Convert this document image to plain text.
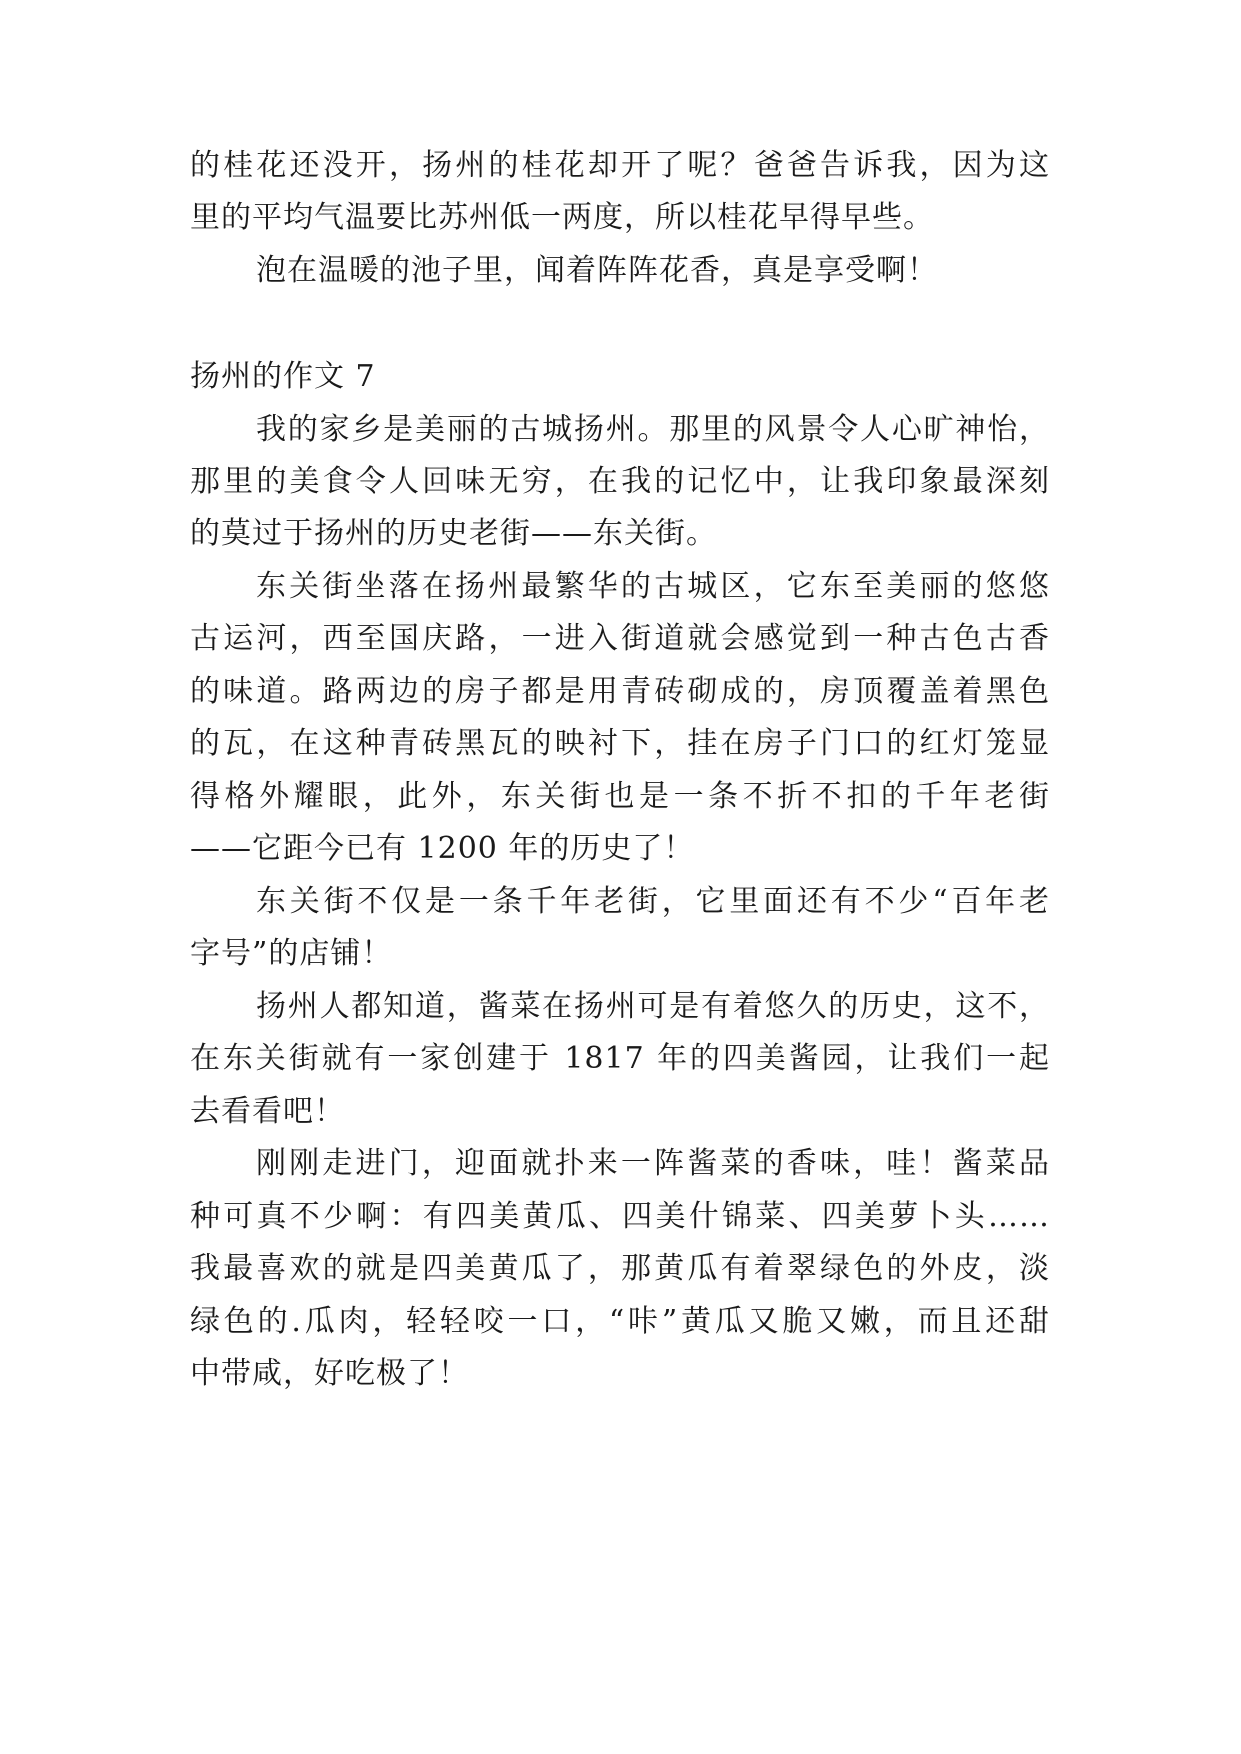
的桂花还没开，扬州的桂花却开了呢？爸爸告诉我，因为这

里的平均气温要比苏州低一两度，所以桂花早得早些。

泡在温暖的池子里，闻着阵阵花香，真是享受啊！

扬州的作文 7

我的家乡是美丽的古城扬州。那里的风景令人心旷神怡，

那里的美食令人回味无穷，在我的记忆中，让我印象最深刻

的莫过于扬州的历史老街——东关街。

东关街坐落在扬州最繁华的古城区，它东至美丽的悠悠

古运河，西至国庆路，一进入街道就会感觉到一种古色古香

的味道。路两边的房子都是用青砖砌成的，房顶覆盖着黑色

的瓦，在这种青砖黑瓦的映衬下，挂在房子门口的红灯笼显

得格外耀眼，此外，东关街也是一条不折不扣的千年老街

——它距今已有 1200 年的历史了！

东关街不仅是一条千年老街，它里面还有不少“百年老

字号”的店铺！

扬州人都知道，酱菜在扬州可是有着悠久的历史，这不，

在东关街就有一家创建于 1817 年的四美酱园，让我们一起

去看看吧！

刚刚走进门，迎面就扑来一阵酱菜的香味，哇！酱菜品

种可真不少啊：有四美黄瓜、四美什锦菜、四美萝卜头……

我最喜欢的就是四美黄瓜了，那黄瓜有着翠绿色的外皮，淡

绿色的.瓜肉，轻轻咬一口，“咔”黄瓜又脆又嫩，而且还甜

中带咸，好吃极了！
